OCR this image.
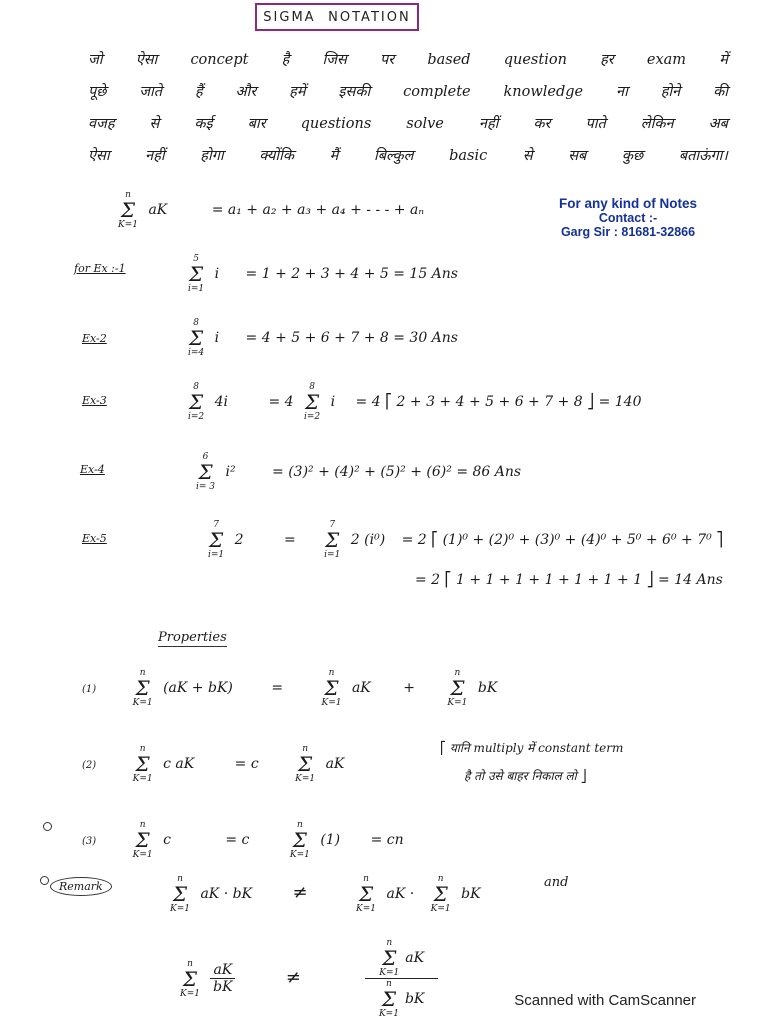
SIGMA NOTATION
जो ऐसा concept है जिस पर based question हर exam में
पूछे जाते हैं और हमें इसकी complete knowledge ना होने की
वजह से कई बार questions solve नहीं कर पाते लेकिन अब
ऐसा नहीं होगा क्योंकि मैं बिल्कुल basic से सब कुछ बताऊंगा।
n
Σ
K=1
aK	= a₁ + a₂ + a₃ + a₄ + - - - + aₙ	For any kind of Notes
Contact :-
Garg Sir : 81681-32866
for Ex :-1
5
Σ
i=1
i = 1 + 2 + 3 + 4 + 5 = 15 Ans
Ex-2
8
Σ
i=4
i = 4 + 5 + 6 + 7 + 8 = 30 Ans
Ex-3
8
Σ
i=2
4i	= 4
8
Σ
i=2
i = 4 ⎡ 2 + 3 + 4 + 5 + 6 + 7 + 8 ⎦ = 140
Ex-4
6
Σ
i= 3
i²	= (3)² + (4)² + (5)² + (6)² = 86 Ans
Ex-5
7
Σ
i=1
2	=
7
Σ
i=1
2 (i⁰) = 2 ⎡ (1)⁰ + (2)⁰ + (3)⁰ + (4)⁰ + 5⁰ + 6⁰ + 7⁰ ⎤
= 2 ⎡ 1 + 1 + 1 + 1 + 1 + 1 + 1 ⎦ = 14 Ans
Properties
(1)
n
Σ
K=1
(aK + bK)	=
n
Σ
K=1
aK +
n
Σ
K=1
bK
(2)
n
Σ
K=1
c aK	= c
n
Σ
K=1
aK
⎡ यानि multiply में constant term
है तो उसे बाहर निकाल लो ⎦
(3)
n
Σ
K=1
c	= c
n
Σ
K=1
(1) = cn
Remark
n
Σ
K=1
aK · bK ≠
n
Σ
K=1
aK ·
n
Σ
K=1
bK
and
n
Σ
K=1
$\frac{aK}{bK}$	≠	n
Σ
K=1
aK
n
Σ
K=1
bK	Scanned with CamScanner
